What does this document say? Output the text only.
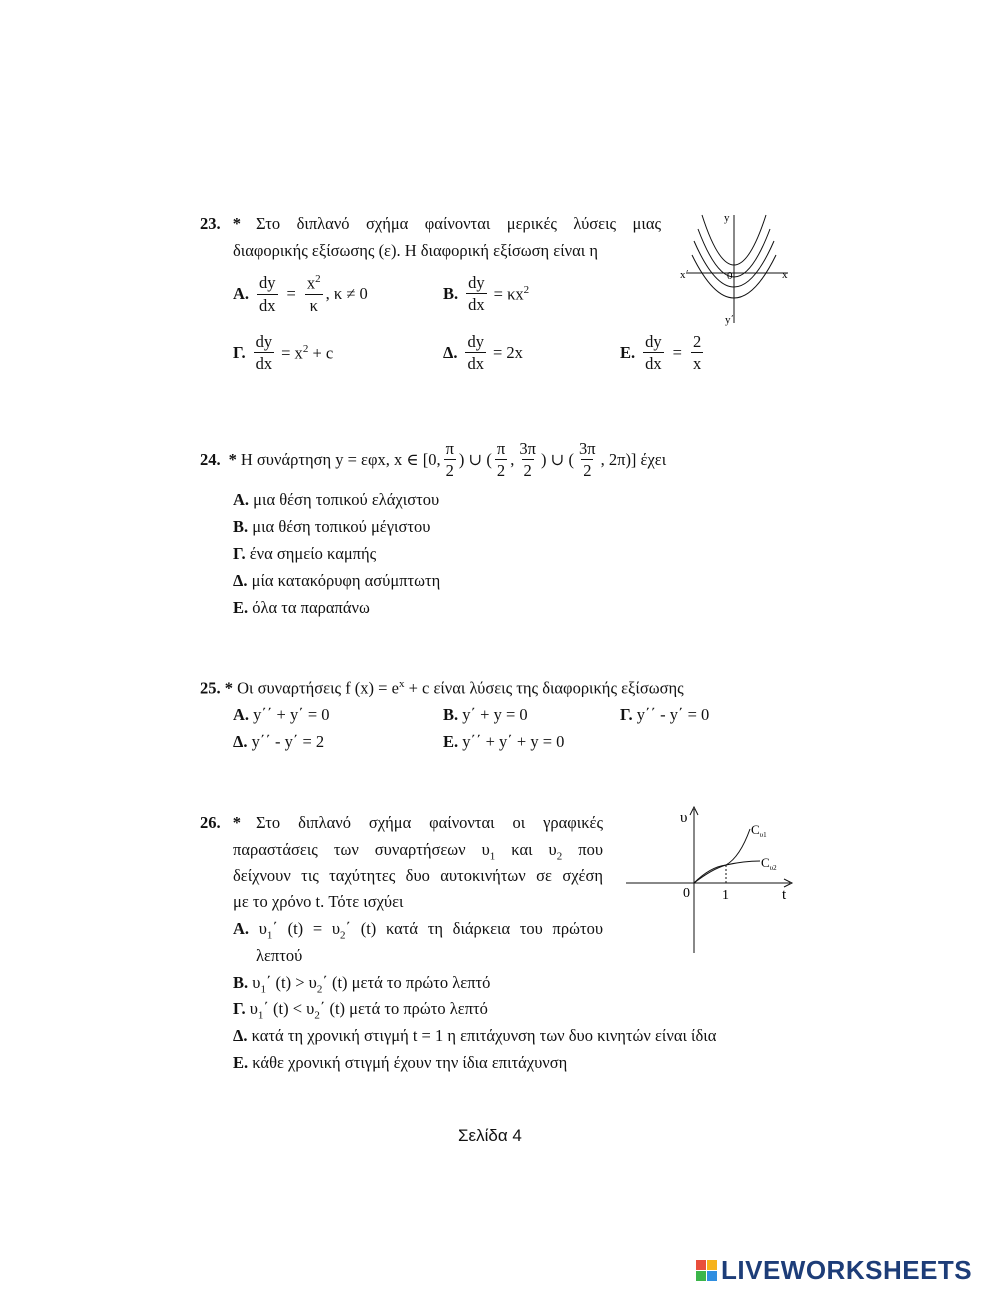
23. * Στο διπλανό σχήμα φαίνονται μερικές λύσεις μιας
διαφορικής εξίσωσης (ε). Η διαφορική εξίσωση είναι η
Α. $\frac{dy}{dx} = \frac{x^2}{\kappa}$ , κ ≠ 0	Β. $\frac{dy}{dx} = \kappa x^2$
Γ. $\frac{dy}{dx} = x^2 + c$	Δ. $\frac{dy}{dx} = 2x$	Ε. $\frac{dy}{dx} = \frac{2}{x}$
y
x
x΄
y΄
0
24. * Η συνάρτηση y = εφx, x ∈ [0, $\frac{\pi}{2}$ ) ∪ ( $\frac{\pi}{2}$ , $\frac{3\pi}{2}$ ) ∪ ( $\frac{3\pi}{2}$ , 2π)] έχει
Α. μια θέση τοπικού ελάχιστου
Β. μια θέση τοπικού μέγιστου
Γ. ένα σημείο καμπής
Δ. μία κατακόρυφη ασύμπτωτη
Ε. όλα τα παραπάνω
25. * Οι συναρτήσεις f $(x) = e^x + c$ είναι λύσεις της διαφορικής εξίσωσης
Α. y΄΄ + y΄ = 0	Β. y΄ + y = 0	Γ. y΄΄ - y΄ = 0
Δ. y΄΄ - y΄ = 2	Ε. y΄΄ + y΄ + y = 0
26. * Στο διπλανό σχήμα φαίνονται οι γραφικές
παραστάσεις των συναρτήσεων $\upsilon_1$ και $\upsilon_2$ που
δείχνουν τις ταχύτητες δυο αυτοκινήτων σε σχέση
με το χρόνο t. Τότε ισχύει
Α. $\upsilon_1΄$ $(t) = \upsilon_2΄$ (t) κατά τη διάρκεια του πρώτου
λεπτού
Β. $\upsilon_1΄$ $(t) > \upsilon_2΄$ (t) μετά το πρώτο λεπτό
Γ. $\upsilon_1΄$ $(t) < \upsilon_2΄$ (t) μετά το πρώτο λεπτό
Δ. κατά τη χρονική στιγμή t = 1 η επιτάχυνση των δυο κινητών είναι ίδια
Ε. κάθε χρονική στιγμή έχουν την ίδια επιτάχυνση
υ
$C_{\upsilon 1}$
$C_{\upsilon 2}$
0 1	t
Σελίδα 4
LIVEWORKSHEETS
